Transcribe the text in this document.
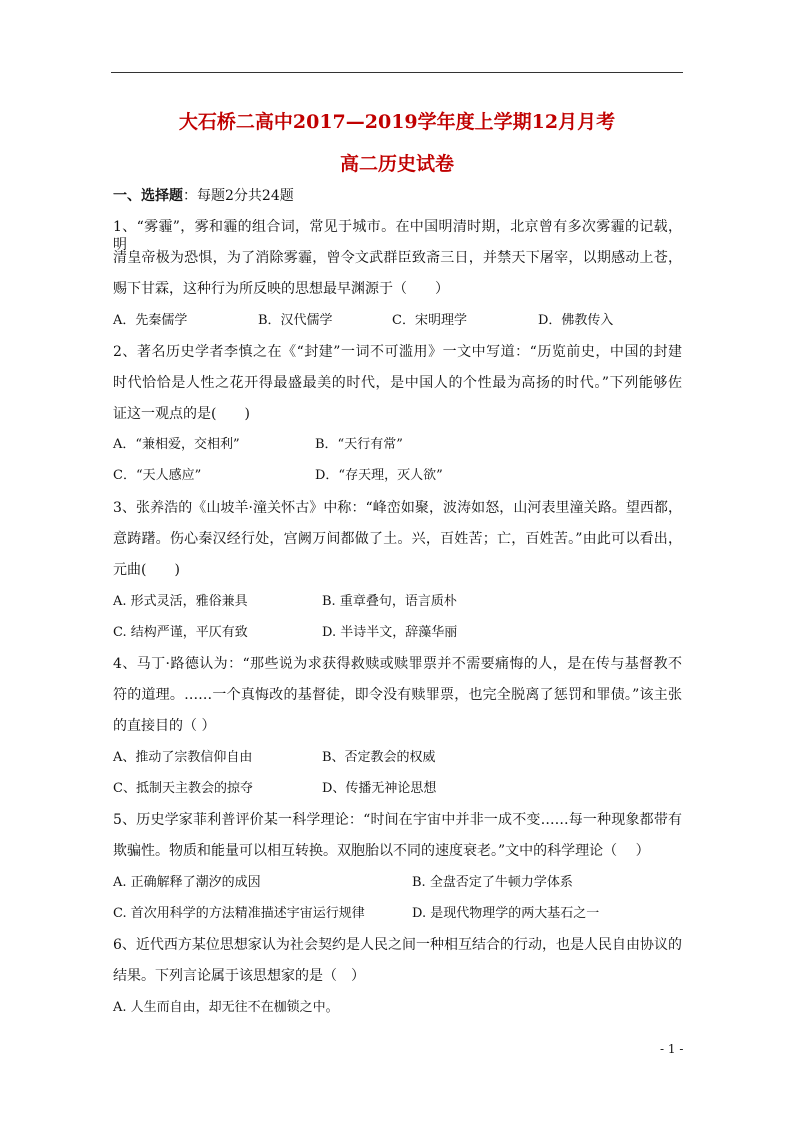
大石桥二高中2017—2019学年度上学期12月月考
高二历史试卷
一、选择题：每题2分共24题
1、“雾霾”，雾和霾的组合词，常见于城市。在中国明清时期，北京曾有多次雾霾的记载，明
清皇帝极为恐惧，为了消除雾霾，曾令文武群臣致斋三日，并禁天下屠宰，以期感动上苍，
赐下甘霖，这种行为所反映的思想最早渊源于（　　）
A．先秦儒学	B．汉代儒学	C．宋明理学	D．佛教传入
2、著名历史学者李慎之在《“封建”一词不可滥用》一文中写道：“历览前史，中国的封建
时代恰恰是人性之花开得最盛最美的时代，是中国人的个性最为高扬的时代。”下列能够佐
证这一观点的是(　　)
A．“兼相爱，交相利”	B．“天行有常”
C．“天人感应”	D．“存天理，灭人欲”
3、张养浩的《山坡羊·潼关怀古》中称：“峰峦如聚，波涛如怒，山河表里潼关路。望西都，
意踌躇。伤心秦汉经行处，宫阙万间都做了土。兴，百姓苦；亡，百姓苦。”由此可以看出，
元曲(　　)
A. 形式灵活，雅俗兼具	B. 重章叠句，语言质朴
C. 结构严谨，平仄有致	D. 半诗半文，辞藻华丽
4、马丁·路德认为：“那些说为求获得救赎或赎罪票并不需要痛悔的人，是在传与基督教不
符的道理。……一个真悔改的基督徒，即令没有赎罪票，也完全脱离了惩罚和罪债。”该主张
的直接目的（ ）
A、推动了宗教信仰自由	B、否定教会的权威
C、抵制天主教会的掠夺	D、传播无神论思想
5、历史学家菲利普评价某一科学理论：“时间在宇宙中并非一成不变……每一种现象都带有
欺骗性。物质和能量可以相互转换。双胞胎以不同的速度衰老。”文中的科学理论（　 ）
A. 正确解释了潮汐的成因	B. 全盘否定了牛顿力学体系
C. 首次用科学的方法精准描述宇宙运行规律	D. 是现代物理学的两大基石之一
6、近代西方某位思想家认为社会契约是人民之间一种相互结合的行动，也是人民自由协议的
结果。下列言论属于该思想家的是（　）
A. 人生而自由，却无往不在枷锁之中。
- 1 -
